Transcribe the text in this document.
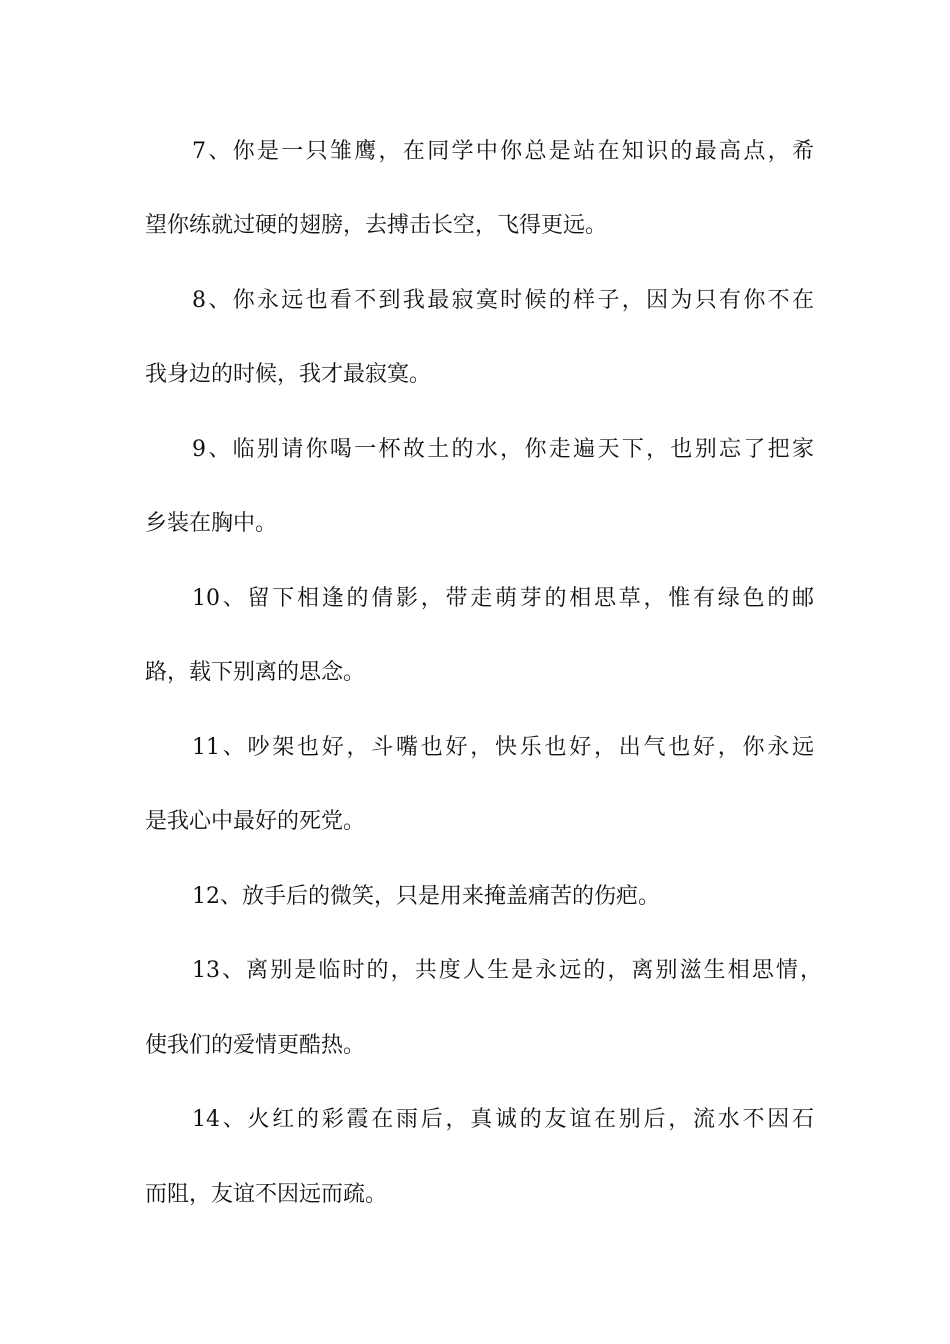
7、你是一只雏鹰，在同学中你总是站在知识的最高点，希
望你练就过硬的翅膀，去搏击长空，飞得更远。
8、你永远也看不到我最寂寞时候的样子，因为只有你不在
我身边的时候，我才最寂寞。
9、临别请你喝一杯故土的水，你走遍天下，也别忘了把家
乡装在胸中。
10、留下相逢的倩影，带走萌芽的相思草，惟有绿色的邮
路，载下别离的思念。
11、吵架也好，斗嘴也好，快乐也好，出气也好，你永远
是我心中最好的死党。
12、放手后的微笑，只是用来掩盖痛苦的伤疤。
13、离别是临时的，共度人生是永远的，离别滋生相思情，
使我们的爱情更酷热。
14、火红的彩霞在雨后，真诚的友谊在别后，流水不因石
而阻，友谊不因远而疏。
